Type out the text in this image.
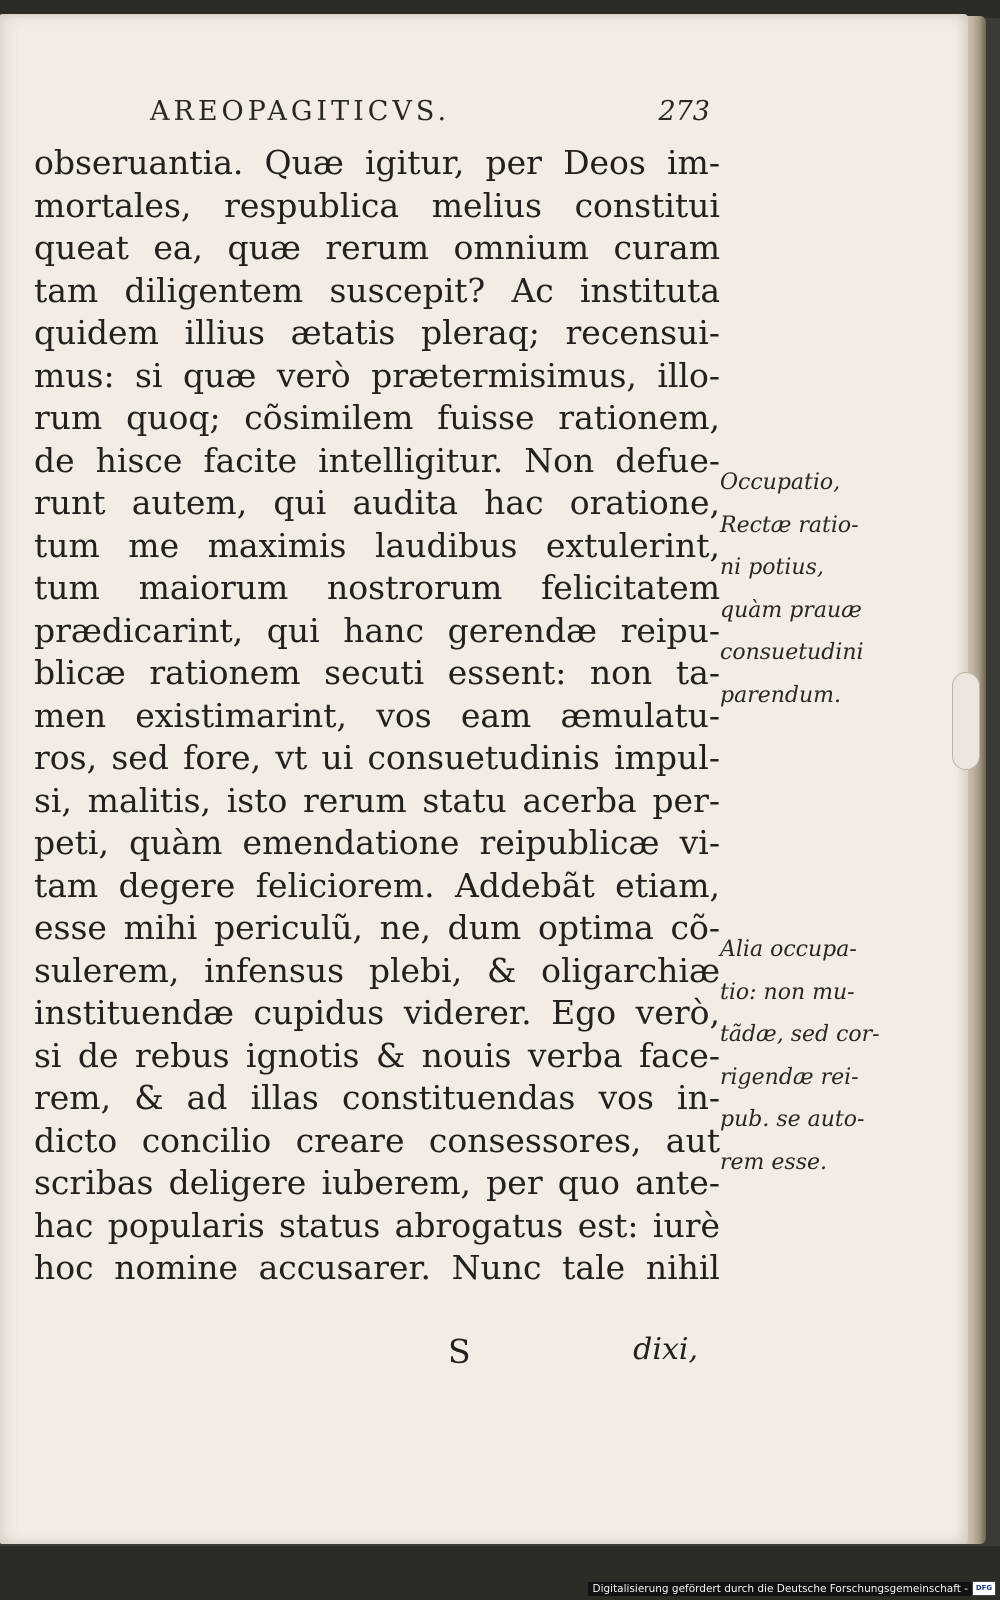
AREOPAGITICVS.	273
obseruantia. Quæ igitur, per Deos im-
mortales, respublica melius constitui
queat ea, quæ rerum omnium curam
tam diligentem suscepit? Ac instituta
quidem illius ætatis pleraq; recensui-
mus: si quæ verò prætermisimus, illo-
rum quoq; cõsimilem fuisse rationem,
de hisce facite intelligitur. Non defue-
runt autem, qui audita hac oratione,
tum me maximis laudibus extulerint,
tum maiorum nostrorum felicitatem
prædicarint, qui hanc gerendæ reipu-
blicæ rationem secuti essent: non ta-
men existimarint, vos eam æmulatu-
ros, sed fore, vt ui consuetudinis impul-
si, malitis, isto rerum statu acerba per-
peti, quàm emendatione reipublicæ vi-
tam degere feliciorem. Addebãt etiam,
esse mihi periculũ, ne, dum optima cõ-
sulerem, infensus plebi, & oligarchiæ
instituendæ cupidus viderer. Ego verò,
si de rebus ignotis & nouis verba face-
rem, & ad illas constituendas vos in-
dicto concilio creare consessores, aut
scribas deligere iuberem, per quo ante-
hac popularis status abrogatus est: iurè
hoc nomine accusarer. Nunc tale nihil
Occupatio,
Rectæ ratio-
ni potius,
quàm prauæ
consuetudini
parendum.
Alia occupa-
tio: non mu-
tãdæ, sed cor-
rigendæ rei-
pub. se auto-
rem esse.
S	dixi,
Digitalisierung gefördert durch die Deutsche Forschungsgemeinschaft -	DFG
